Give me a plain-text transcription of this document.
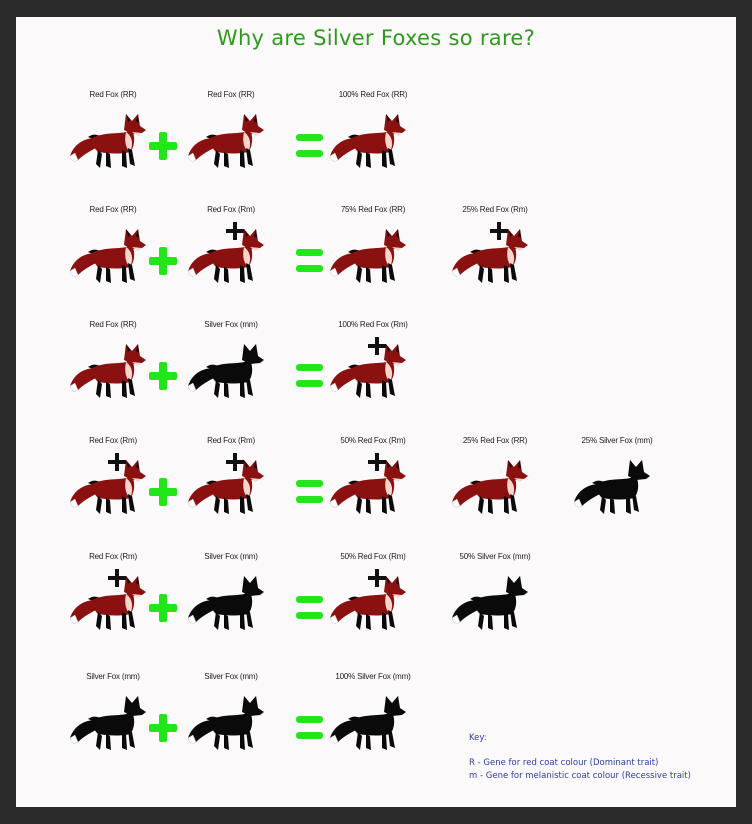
Why are Silver Foxes so rare?
Red Fox (RR)	Red Fox (RR)	100% Red Fox (RR)
Red Fox (RR)	Red Fox (Rm)	75% Red Fox (RR)	25% Red Fox (Rm)
Red Fox (RR)	Silver Fox (mm)	100% Red Fox (Rm)
Red Fox (Rm)	Red Fox (Rm)	50% Red Fox (Rm)	25% Red Fox (RR)	25% Silver Fox (mm)
Red Fox (Rm)	Silver Fox (mm)	50% Red Fox (Rm)	50% Silver Fox (mm)
Silver Fox (mm)	Silver Fox (mm)	100% Silver Fox (mm)
Key:
R - Gene for red coat colour (Dominant trait)
m - Gene for melanistic coat colour (Recessive trait)
